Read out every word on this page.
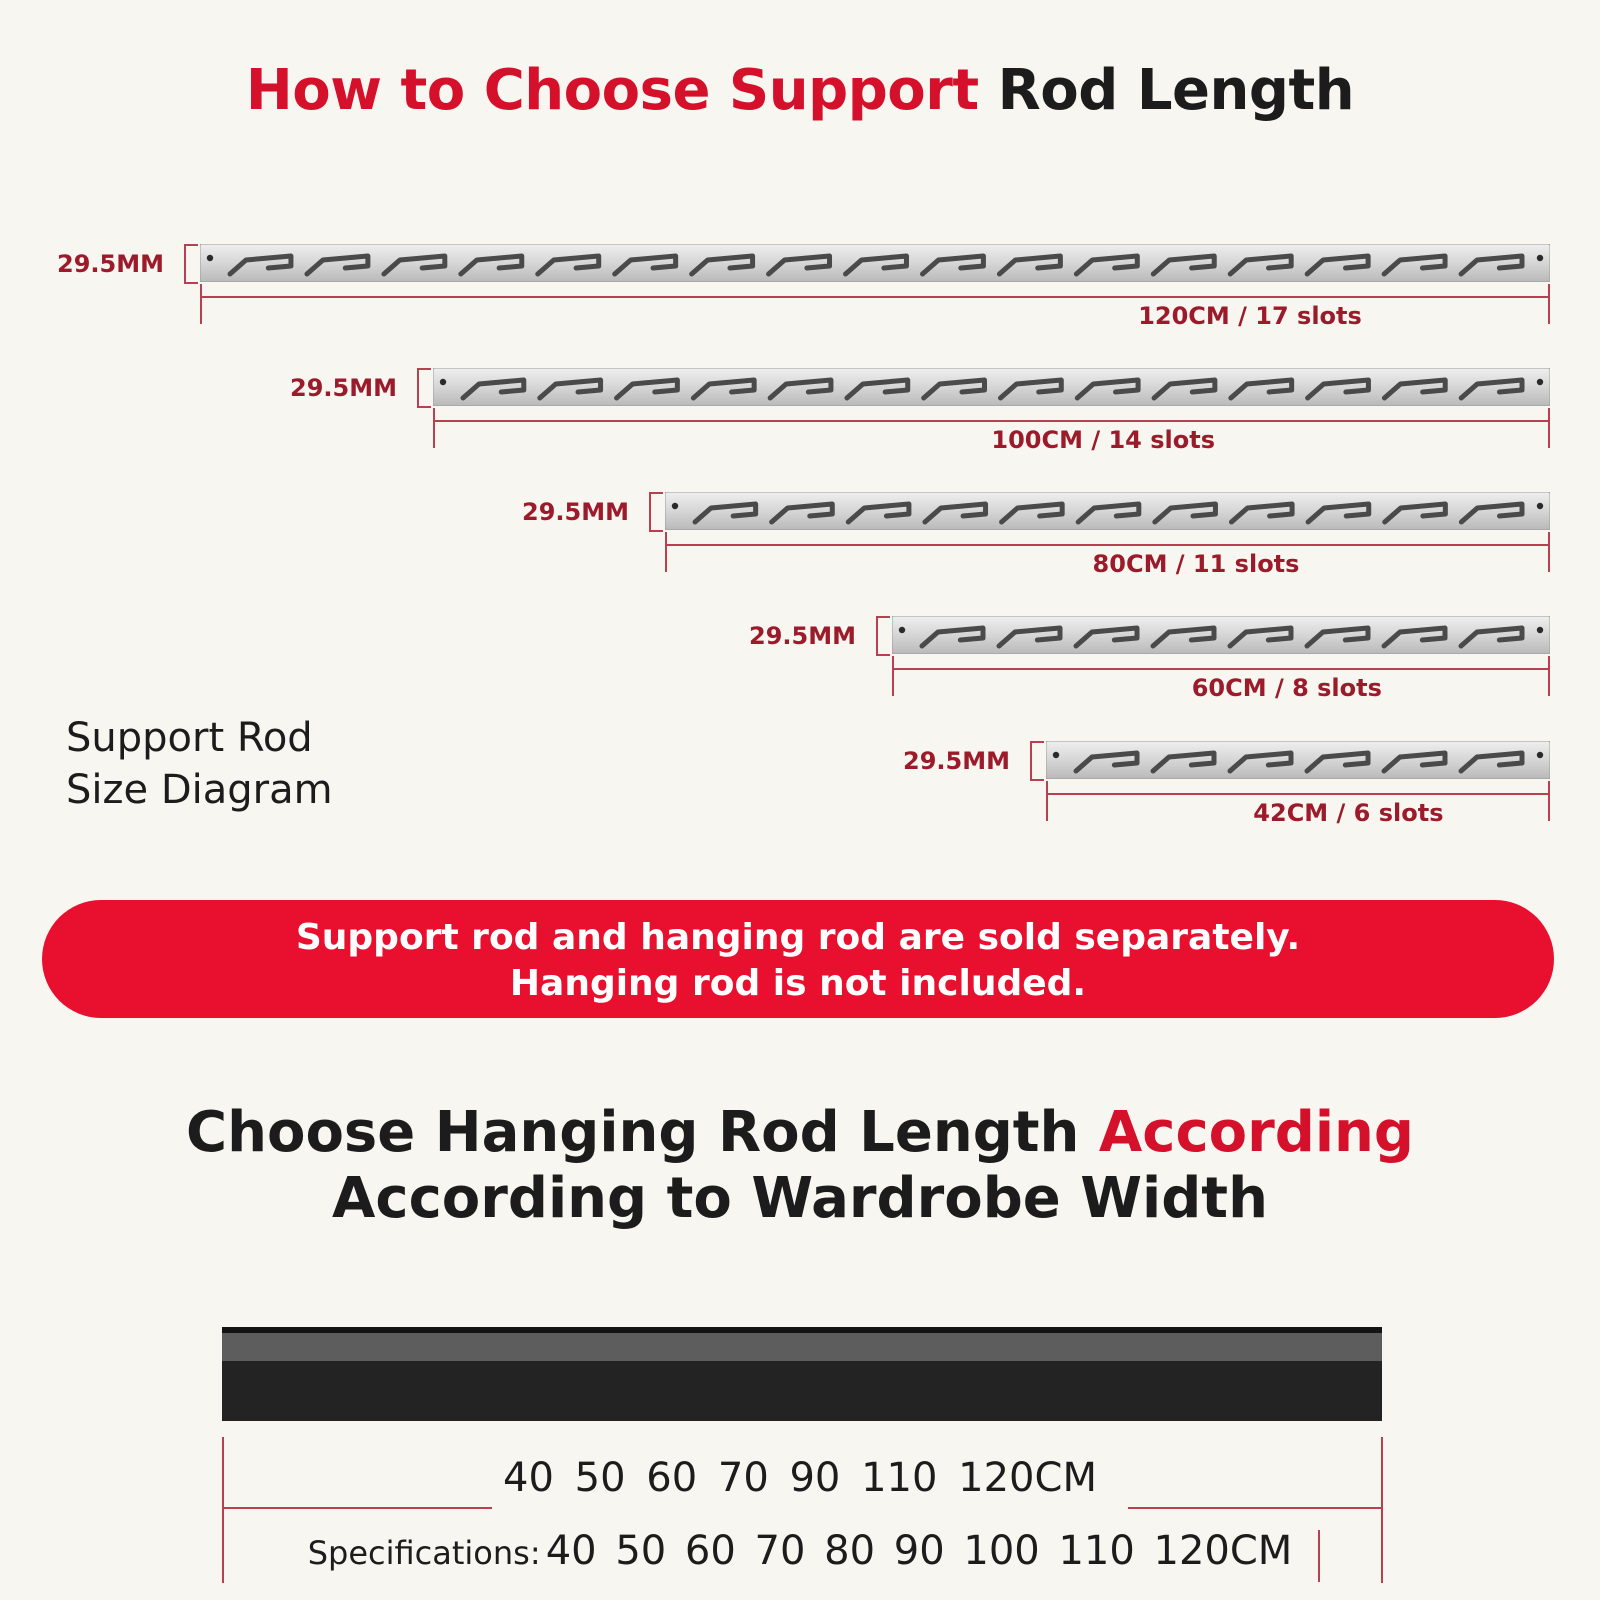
How to Choose Support Rod Length
29.5MM
120CM / 17 slots
29.5MM
100CM / 14 slots
29.5MM
80CM / 11 slots
29.5MM
60CM / 8 slots
29.5MM
42CM / 6 slots
Support Rod
Size Diagram
Support rod and hanging rod are sold separately.
Hanging rod is not included.
Choose Hanging Rod Length According
According to Wardrobe Width
40 50 60 70 90 110 120CM
Specifications: 40 50 60 70 80 90 100 110 120CM
